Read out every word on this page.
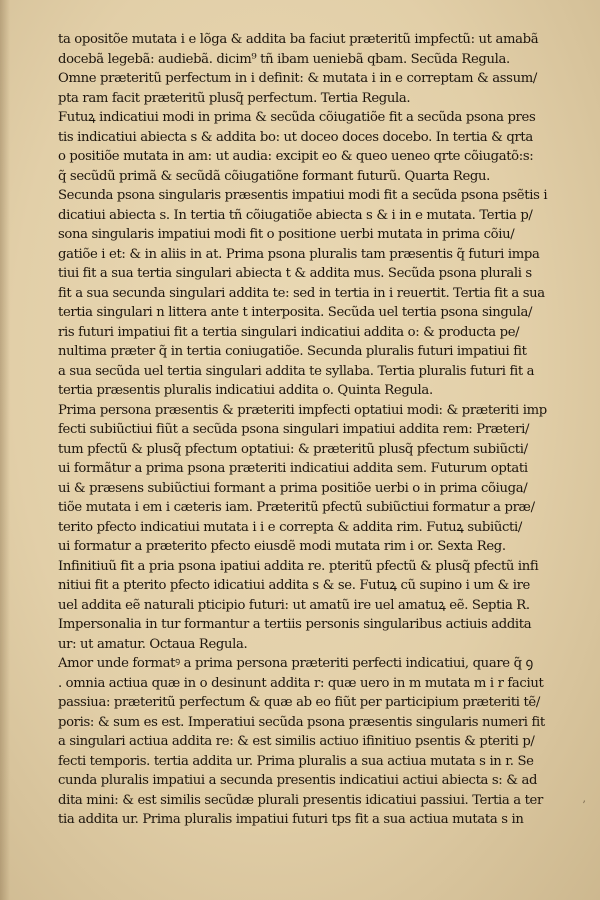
ta opositõe mutata i e lõga & addita ba faciut præteritũ impfectũ: ut amabã
docebã legebã: audiebã. dicim⁹ tñ ibam ueniebã qbam. Secũda Regula.
Omne præteritũ perfectum in i definit: & mutata i in e correptam & assum/
pta ram facit præteritũ plusq̃ perfectum. Tertia Regula.
Futuꝝ indicatiui modi in prima & secũda cõiugatiõe fit a secũda psona pres
tis indicatiui abiecta s & addita bo: ut doceo doces docebo. In tertia & qrta
o positiõe mutata in am: ut audia: excipit eo & queo ueneo qrte cõiugatõ:s:
q̃ secũdũ primã & secũdã cõiugatiõne formant futurũ. Quarta Regu.
Secunda psona singularis præsentis impatiui modi fit a secũda psona psẽtis i
dicatiui abiecta s. In tertia tñ cõiugatiõe abiecta s & i in e mutata. Tertia p/
sona singularis impatiui modi fit o positione uerbi mutata in prima cõiu/
gatiõe i et: & in aliis in at. Prima psona pluralis tam præsentis q̃ futuri impa
tiui fit a sua tertia singulari abiecta t & addita mus. Secũda psona plurali s
fit a sua secunda singulari addita te: sed in tertia in i reuertit. Tertia fit a sua
tertia singulari n littera ante t interposita. Secũda uel tertia psona singula/
ris futuri impatiui fit a tertia singulari indicatiui addita o: & producta pe/
nultima præter q̃ in tertia coniugatiõe. Secunda pluralis futuri impatiui fit
a sua secũda uel tertia singulari addita te syllaba. Tertia pluralis futuri fit a
tertia præsentis pluralis indicatiui addita o. Quinta Regula.
Prima persona præsentis & præteriti impfecti optatiui modi: & præteriti imp
fecti subiũctiui fiũt a secũda psona singulari impatiui addita rem: Præteri/
tum pfectũ & plusq̃ pfectum optatiui: & præteritũ plusq̃ pfectum subiũcti/
ui formãtur a prima psona præteriti indicatiui addita sem. Futurum optati
ui & præsens subiũctiui formant a prima positiõe uerbi o in prima cõiuga/
tiõe mutata i em i cæteris iam. Præteritũ pfectũ subiũctiui formatur a præ/
terito pfecto indicatiui mutata i i e correpta & addita rim. Futuꝝ subiũcti/
ui formatur a præterito pfecto eiusdẽ modi mutata rim i or. Sexta Reg.
Infinitiuũ fit a pria psona ipatiui addita re. pteritũ pfectũ & plusq̃ pfectũ infi
nitiui fit a pterito pfecto idicatiui addita s & se. Futuꝝ cũ supino i um & ire
uel addita eẽ naturali pticipio futuri: ut amatũ ire uel amatuꝝ eẽ. Septia R.
Impersonalia in tur formantur a tertiis personis singularibus actiuis addita
ur: ut amatur. Octaua Regula.
Amor unde formatꝰ a prima persona præteriti perfecti indicatiui, quare q̃ ꝯ
. omnia actiua quæ in o desinunt addita r: quæ uero in m mutata m i r faciut
passiua: præteritũ perfectum & quæ ab eo fiũt per participium præteriti tẽ/
poris: & sum es est. Imperatiui secũda psona præsentis singularis numeri fit
a singulari actiua addita re: & est similis actiuo ifinitiuo psentis & pteriti p/
fecti temporis. tertia addita ur. Prima pluralis a sua actiua mutata s in r. Se
cunda pluralis impatiui a secunda presentis indicatiui actiui abiecta s: & ad
dita mini: & est similis secũdæ plurali presentis idicatiui passiui. Tertia a ter
tia addita ur. Prima pluralis impatiui futuri tps fit a sua actiua mutata s in
,
